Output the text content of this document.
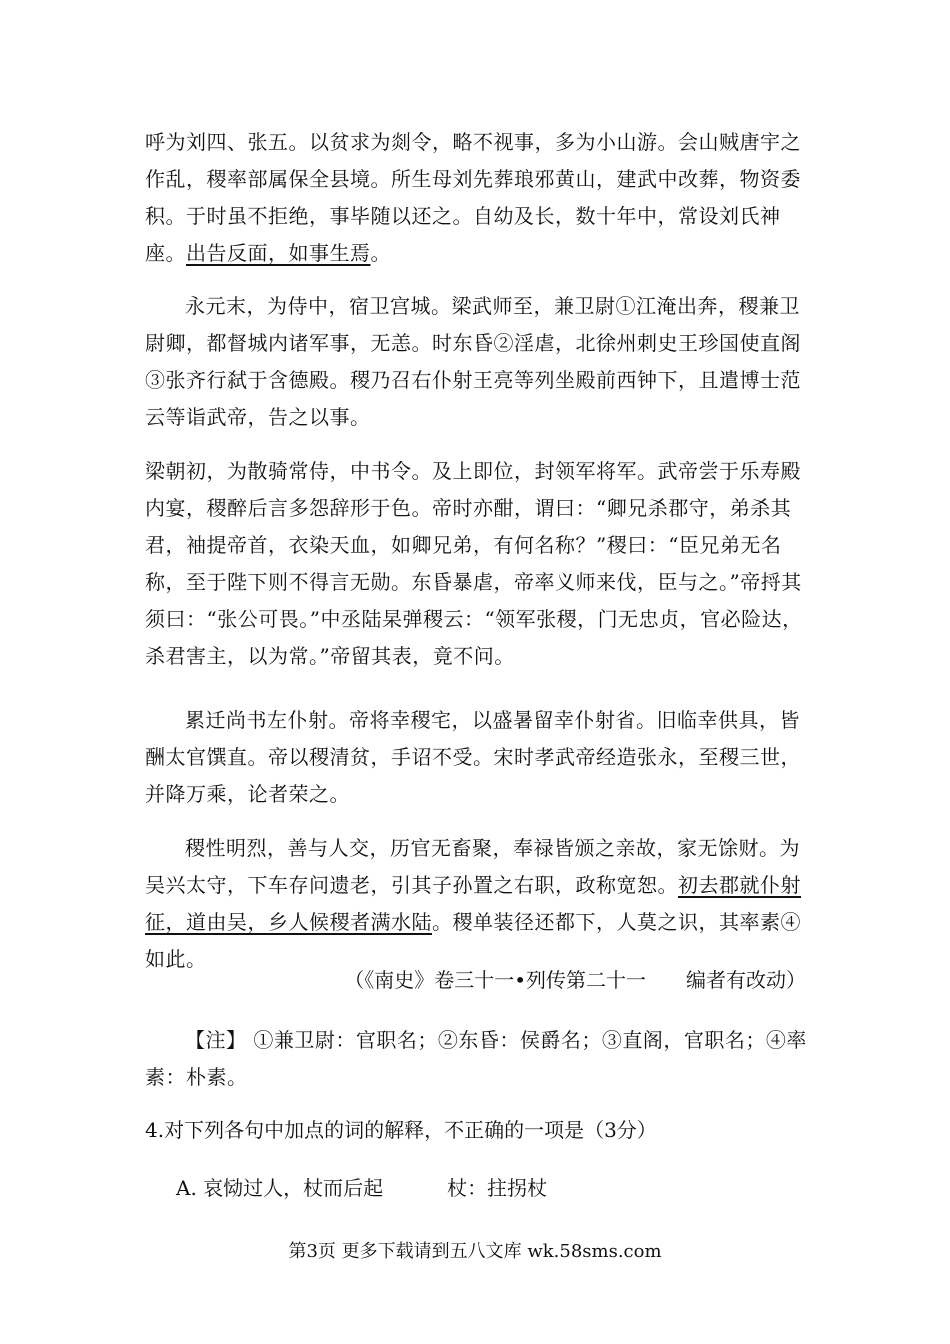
呼为刘四、张五。以贫求为剡令，略不视事，多为小山游。会山贼唐宇之作乱，稷率部属保全县境。所生母刘先葬琅邪黄山，建武中改葬，物资委积。于时虽不拒绝，事毕随以还之。自幼及长，数十年中，常设刘氏神座。出告反面，如事生焉。

永元末，为侍中，宿卫宫城。梁武师至，兼卫尉①江淹出奔，稷兼卫尉卿，都督城内诸军事，无恙。时东昏②淫虐，北徐州刺史王珍国使直阁③张齐行弑于含德殿。稷乃召右仆射王亮等列坐殿前西钟下，且遣博士范云等诣武帝，告之以事。

梁朝初，为散骑常侍，中书令。及上即位，封领军将军。武帝尝于乐寿殿内宴，稷醉后言多怨辞形于色。帝时亦酣，谓曰：“卿兄杀郡守，弟杀其君，袖提帝首，衣染天血，如卿兄弟，有何名称？”稷曰：“臣兄弟无名称，至于陛下则不得言无勋。东昏暴虐，帝率义师来伐，臣与之。”帝捋其须曰：“张公可畏。”中丞陆杲弹稷云：“领军张稷，门无忠贞，官必险达，杀君害主，以为常。”帝留其表，竟不问。

累迁尚书左仆射。帝将幸稷宅，以盛暑留幸仆射省。旧临幸供具，皆酬太官馔直。帝以稷清贫，手诏不受。宋时孝武帝经造张永，至稷三世，并降万乘，论者荣之。

稷性明烈，善与人交，历官无畜聚，奉禄皆颁之亲故，家无馀财。为吴兴太守，下车存问遗老，引其子孙置之右职，政称宽恕。初去郡就仆射征，道由吴，乡人候稷者满水陆。稷单装径还都下，人莫之识，其率素④如此。

（《南史》卷三十一•列传第二十一　　编者有改动）

【注】 ①兼卫尉：官职名；②东昏：侯爵名；③直阁，官职名；④率素：朴素。

4.对下列各句中加点的词的解释，不正确的一项是（3分）
A. 哀恸过人，杖而后起	杖：拄拐杖
第3页 更多下载请到五八文库 wk.58sms.com
